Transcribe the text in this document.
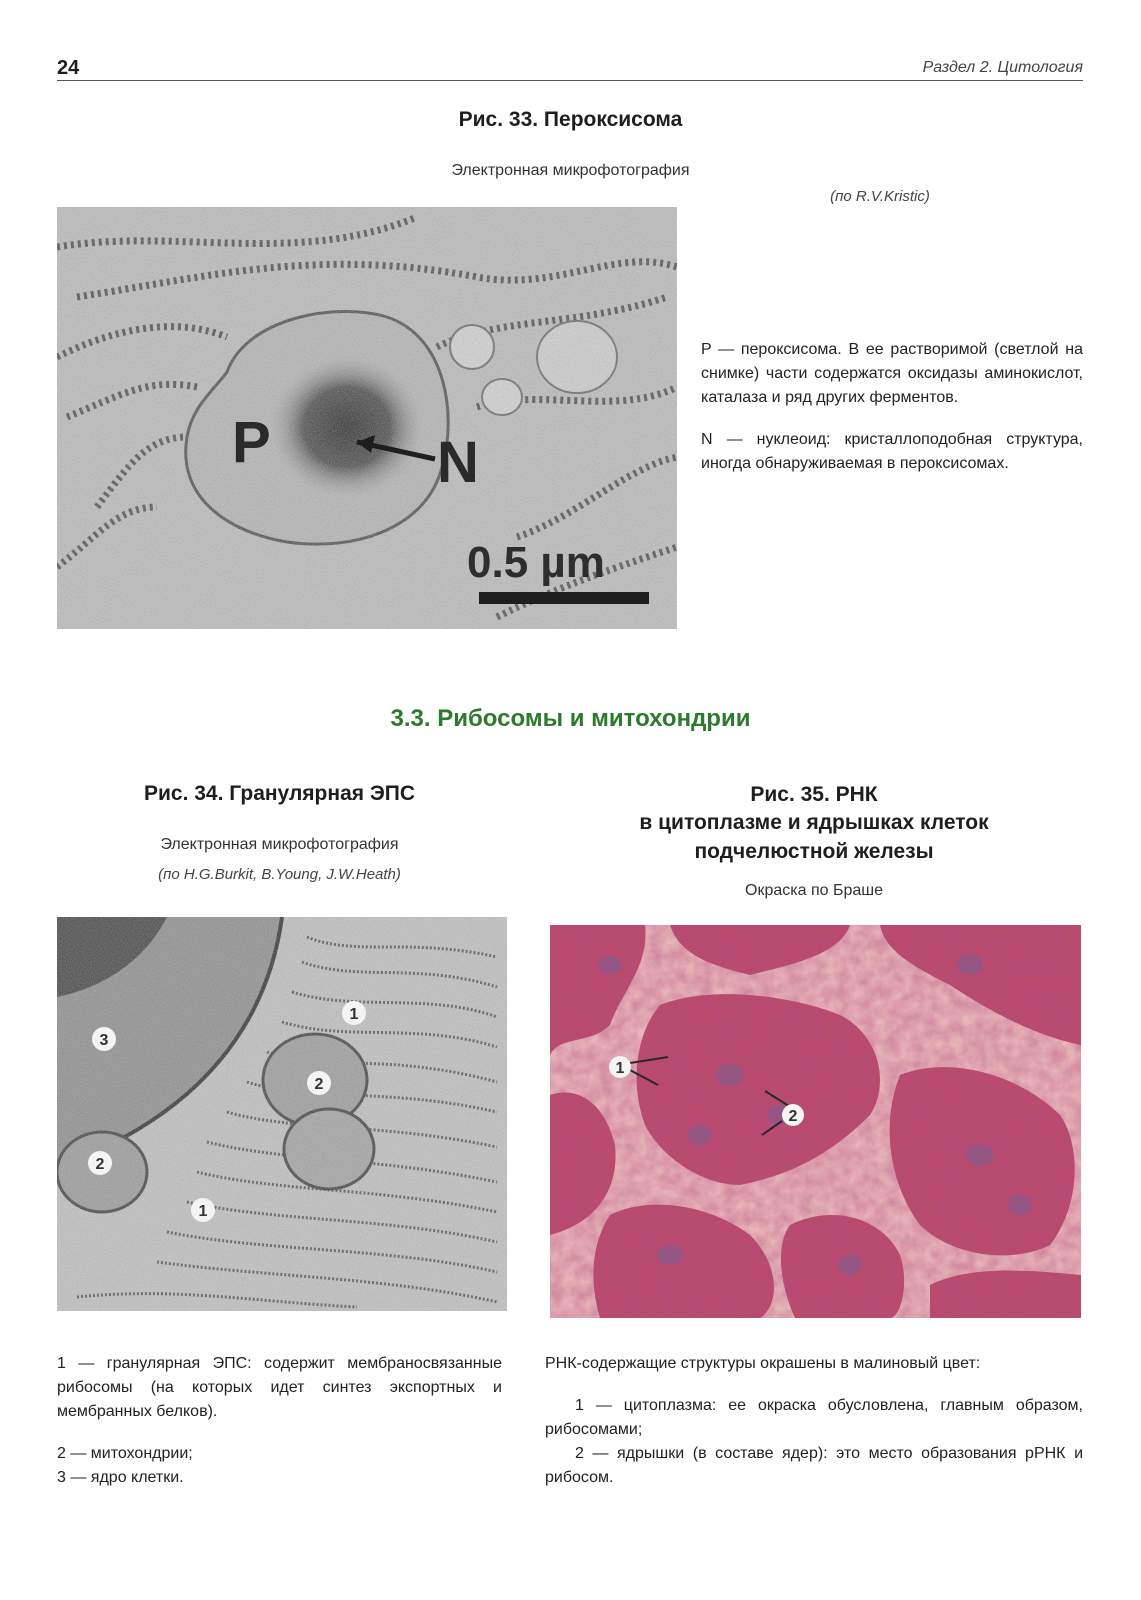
24	Раздел 2. Цитология
Рис. 33. Пероксисома
Электронная микрофотография
(по R.V.Kristic)
P	N
0.5 µm

P — пероксисома. В ее растворимой (светлой на снимке) части содержатся оксидазы аминокислот, каталаза и ряд других ферментов.

N — нуклеоид: кристаллоподобная структура, иногда обнаруживаемая в пероксисомах.

3.3. Рибосомы и митохондрии
Рис. 34. Гранулярная ЭПС
Электронная микрофотография
(по H.G.Burkit, B.Young, J.W.Heath)
1
2
3
2
1

1 — гранулярная ЭПС: содержит мембраносвязанные рибосомы (на которых идет синтез экспортных и мембранных белков).

2 — митохондрии;

3 — ядро клетки.

Рис. 35. РНК
в цитоплазме и ядрышках клеток
подчелюстной железы
Окраска по Браше
1
2

РНК-содержащие структуры окрашены в малиновый цвет:

1 — цитоплазма: ее окраска обусловлена, главным образом, рибосомами;

2 — ядрышки (в составе ядер): это место образования рРНК и рибосом.
